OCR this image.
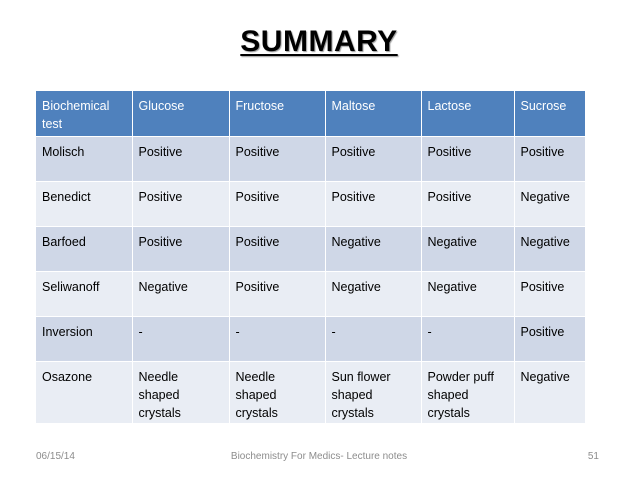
SUMMARY
Biochemical test	Glucose	Fructose	Maltose	Lactose	Sucrose
Molisch	Positive	Positive	Positive	Positive	Positive
Benedict	Positive	Positive	Positive	Positive	Negative
Barfoed	Positive	Positive	Negative	Negative	Negative
Seliwanoff	Negative	Positive	Negative	Negative	Positive
Inversion	-	-	-	-	Positive
Osazone	Needle
shaped
crystals	Needle
shaped
crystals	Sun flower
shaped
crystals	Powder puff
shaped
crystals	Negative
06/15/14	Biochemistry For Medics- Lecture notes	51
